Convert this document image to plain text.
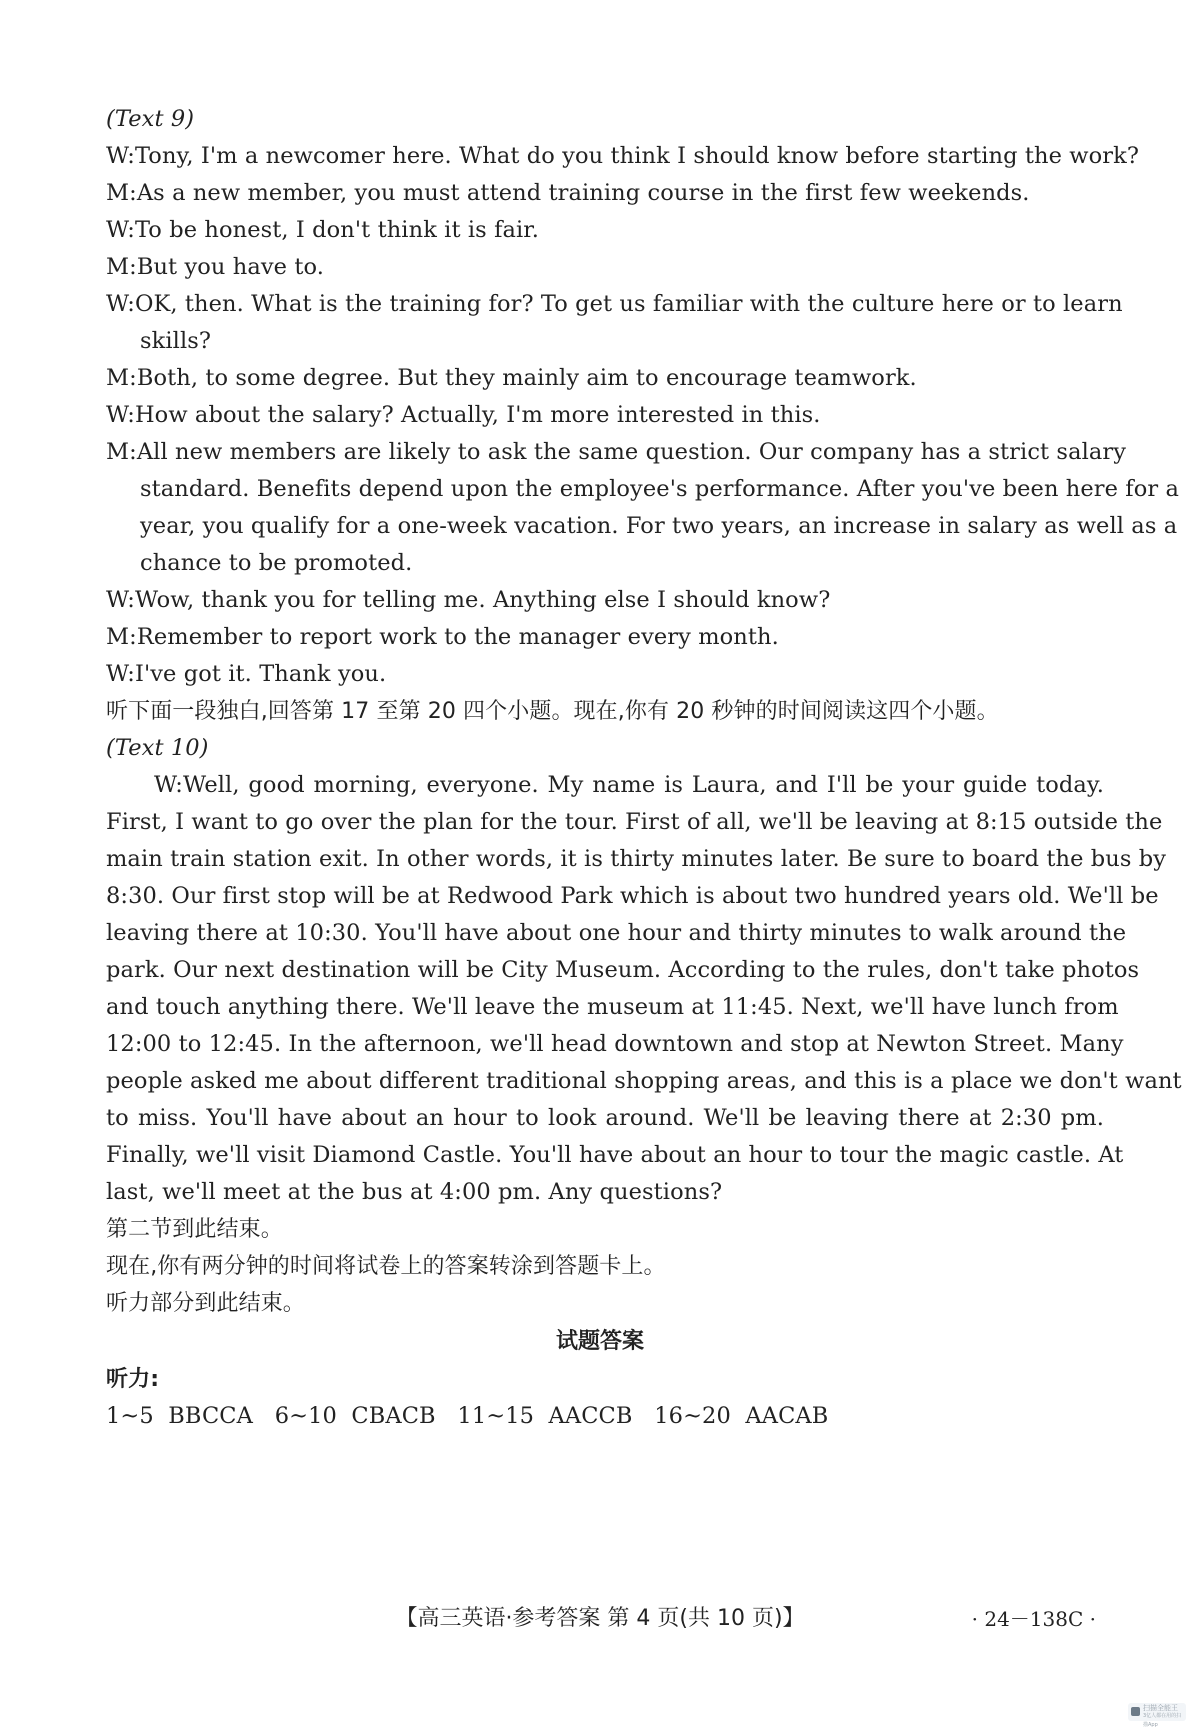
(Text 9)
W:Tony, I'm a newcomer here. What do you think I should know before starting the work?
M:As a new member, you must attend training course in the first few weekends.
W:To be honest, I don't think it is fair.
M:But you have to.
W:OK, then. What is the training for? To get us familiar with the culture here or to learn
skills?
M:Both, to some degree. But they mainly aim to encourage teamwork.
W:How about the salary? Actually, I'm more interested in this.
M:All new members are likely to ask the same question. Our company has a strict salary
standard. Benefits depend upon the employee's performance. After you've been here for a
year, you qualify for a one-week vacation. For two years, an increase in salary as well as a
chance to be promoted.
W:Wow, thank you for telling me. Anything else I should know?
M:Remember to report work to the manager every month.
W:I've got it. Thank you.
听下面一段独白,回答第 17 至第 20 四个小题。现在,你有 20 秒钟的时间阅读这四个小题。
(Text 10)
W:Well, good morning, everyone. My name is Laura, and I'll be your guide today.
First, I want to go over the plan for the tour. First of all, we'll be leaving at 8:15 outside the
main train station exit. In other words, it is thirty minutes later. Be sure to board the bus by
8:30. Our first stop will be at Redwood Park which is about two hundred years old. We'll be
leaving there at 10:30. You'll have about one hour and thirty minutes to walk around the
park. Our next destination will be City Museum. According to the rules, don't take photos
and touch anything there. We'll leave the museum at 11:45. Next, we'll have lunch from
12:00 to 12:45. In the afternoon, we'll head downtown and stop at Newton Street. Many
people asked me about different traditional shopping areas, and this is a place we don't want
to miss. You'll have about an hour to look around. We'll be leaving there at 2:30 pm.
Finally, we'll visit Diamond Castle. You'll have about an hour to tour the magic castle. At
last, we'll meet at the bus at 4:00 pm. Any questions?
第二节到此结束。
现在,你有两分钟的时间将试卷上的答案转涂到答题卡上。
听力部分到此结束。
试题答案
听力:
1~5  BBCCA   6~10  CBACB   11~15  AACCB   16~20  AACAB
【高三英语·参考答案 第 4 页(共 10 页)】	· 24－138C ·
扫描全能王
3亿人都在用的扫描App
